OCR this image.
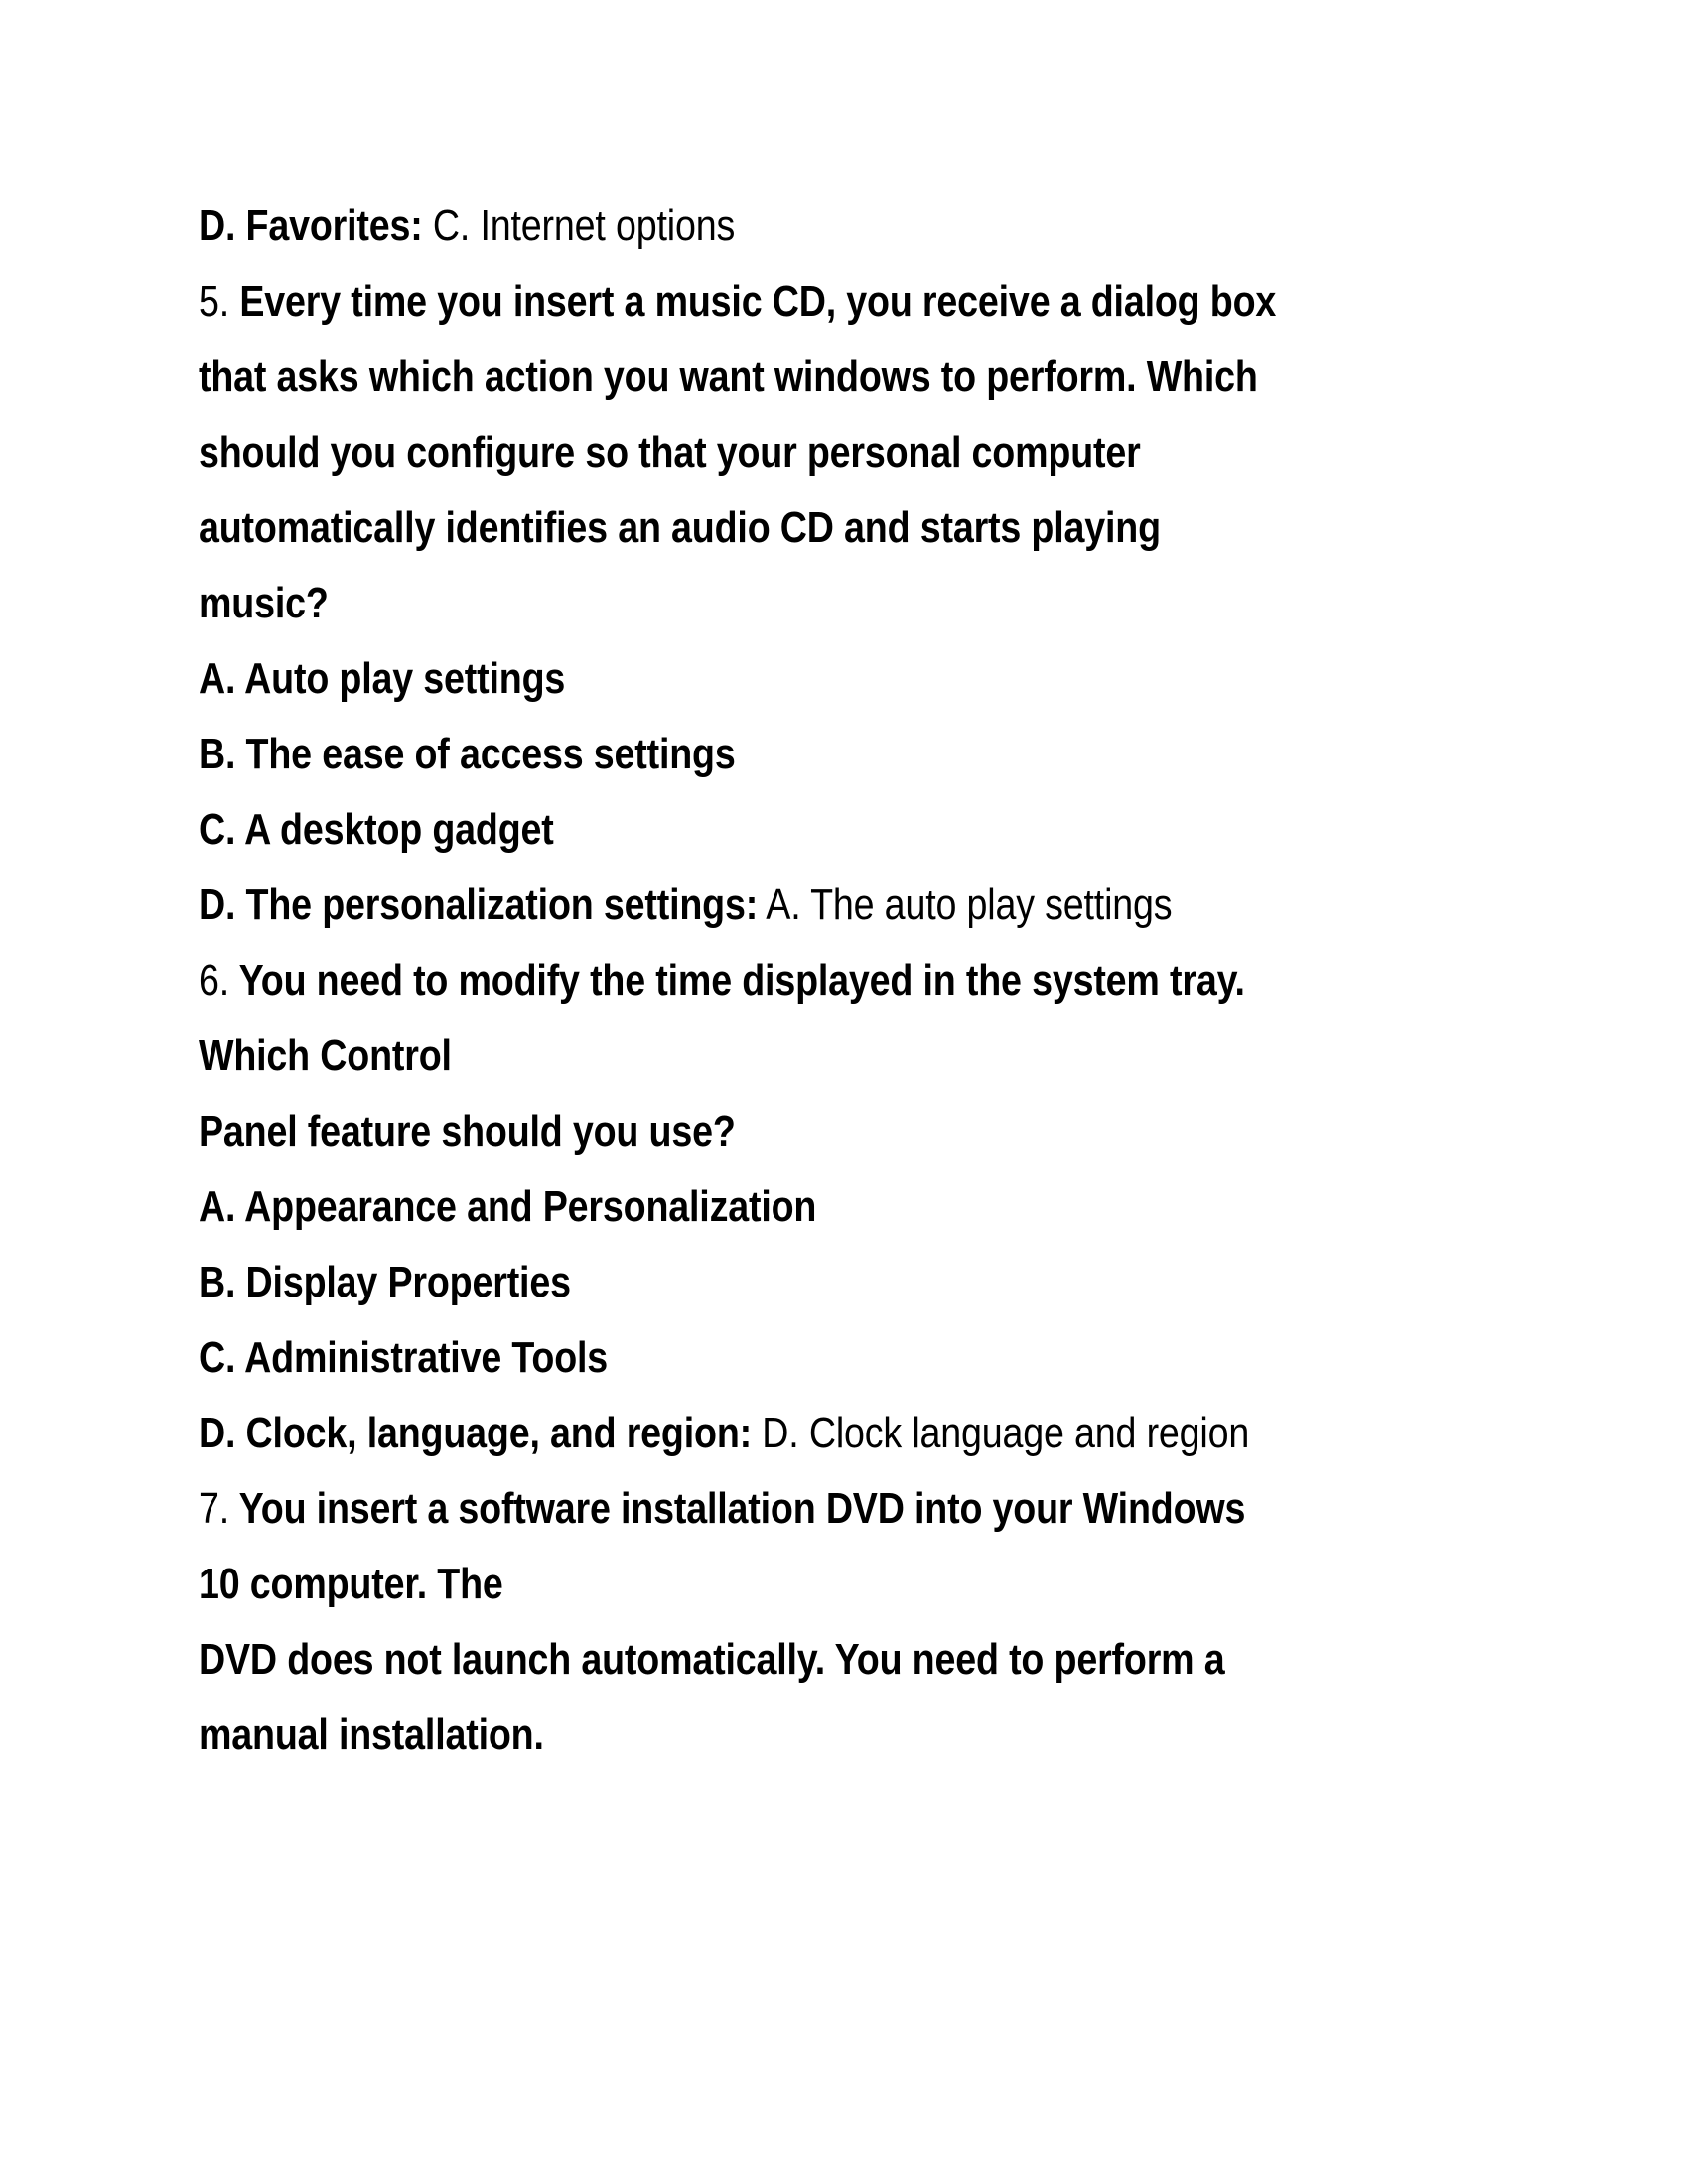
D. Favorites: C. Internet options
5. Every time you insert a music CD, you receive a dialog box
that asks which action you want windows to perform. Which
should you configure so that your personal computer
automatically identifies an audio CD and starts playing
music?
A. Auto play settings
B. The ease of access settings
C. A desktop gadget
D. The personalization settings: A. The auto play settings
6. You need to modify the time displayed in the system tray.
Which Control
Panel feature should you use?
A. Appearance and Personalization
B. Display Properties
C. Administrative Tools
D. Clock, language, and region: D. Clock language and region
7. You insert a software installation DVD into your Windows
10 computer. The
DVD does not launch automatically. You need to perform a
manual installation.
